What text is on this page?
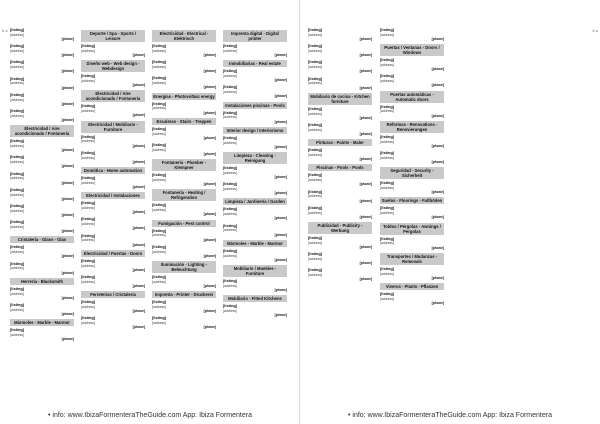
6 a [listing]
[address]
[phone]
[listing]
[address]
[phone]
[listing]
[address]
[phone]
[listing]
[address]
[phone]
[listing]
[address]
[phone]
[listing]
[address]
[phone]
Electricidad / Aire acondicionado / Fontanería
[listing]
[address]
[phone]
[listing]
[address]
[phone]
[listing]
[address]
[phone]
[listing]
[address]
[phone]
[listing]
[address]
[phone]
[listing]
[address]
[phone]
Cristalería - Glass - Glas
[listing]
[address]
[phone]
[listing]
[address]
[phone]
Herrería - Blacksmith
[listing]
[address]
[phone]
[listing]
[address]
[phone]
Mármoles - Marble - Marmor
[listing]
[address]
[phone]
Deporte / Spa - Sports / Leisure
[listing]
[address]
[phone]
Diseño web - Web design - Webdesign
[listing]
[address]
[phone]
Electricidad / Aire acondicionado / Fontanería
[listing]
[address]
[phone]
Electricidad / Mobiliario - Furniture
[listing]
[address]
[phone]
[listing]
[address]
[phone]
Domótica - Home automation
[listing]
[address]
[phone]
Electricidad / Instalaciones
[listing]
[address]
[phone]
[listing]
[address]
[phone]
[listing]
[address]
[phone]
Electricidad / Puertas - Doors
[listing]
[address]
[phone]
[listing]
[address]
[phone]
Ferreterías / Cristalería
[listing]
[address]
[phone]
[listing]
[address]
[phone]
Electricidad - Electrical - Elektrisch
[listing]
[address]
[phone]
[listing]
[address]
[phone]
[listing]
[address]
[phone]
Energías - Photovoltaic energy
[listing]
[address]
[phone]
Escaleras - Stairs - Treppen
[listing]
[address]
[phone]
[listing]
[address]
[phone]
Fontanería - Plumber - Klempner
[listing]
[address]
[phone]
Fontanería - Heating / Refrigeration
[listing]
[address]
[phone]
Fumigación - Pest control
[listing]
[address]
[phone]
[listing]
[address]
[phone]
Iluminación - Lighting - Beleuchtung
[listing]
[address]
[phone]
Imprenta - Printer - Druckerei
[listing]
[address]
[phone]
[listing]
[address]
[phone]
Imprenta digital - Digital printer
[listing]
[address]
[phone]
Inmobiliarias - Real estate
[listing]
[address]
[phone]
[listing]
[address]
[phone]
Instalaciones piscinas - Pools
[listing]
[address]
[phone]
Interior design / Interiorismo
[listing]
[address]
[phone]
Limpieza - Cleaning - Reinigung
[listing]
[address]
[phone]
[listing]
[address]
[phone]
Limpieza / Jardinería / Garden
[listing]
[address]
[phone]
[listing]
[address]
[phone]
Mármoles - Marble - Marmor
[listing]
[address]
[phone]
Mobiliario / Muebles - Furniture
[listing]
[address]
[phone]
Mobiliario - Fitted Kitchens
[listing]
[address]
[phone]
• info: www.IbizaFormenteraTheGuide.com App: Ibiza Formentera
6 a
[listing]
[address]
[phone]
[listing]
[address]
[phone]
[listing]
[address]
[phone]
[listing]
[address]
[phone]
Mobiliario de cocina - Kitchen furniture
[listing]
[address]
[phone]
[listing]
[address]
[phone]
Pinturas - Paints - Maler
[listing]
[address]
[phone]
Piscinas - Pools - Pools
[listing]
[address]
[phone]
[listing]
[address]
[phone]
[listing]
[address]
[phone]
Publicidad - Publicity - Werbung
[listing]
[address]
[phone]
[listing]
[address]
[phone]
[listing]
[address]
[phone]
[listing]
[address]
[phone]
Puertas / Ventanas - Doors / Windows
[listing]
[address]
[phone]
[listing]
[address]
[phone]
Puertas automáticas - Automatic doors
[listing]
[address]
[phone]
Reformas - Renovations - Renovierungen
[listing]
[address]
[phone]
[listing]
[address]
[phone]
Seguridad - Security - Sicherheit
[listing]
[address]
[phone]
Suelos - Floorings - Fußböden
[listing]
[address]
[phone]
Toldos / Pérgolas - Awnings / Pergolas
[listing]
[address]
[phone]
Transportes / Mudanzas - Removals
[listing]
[address]
[phone]
Viveros - Plants - Pflanzen
[listing]
[address]
[phone]
• info: www.IbizaFormenteraTheGuide.com App: Ibiza Formentera
